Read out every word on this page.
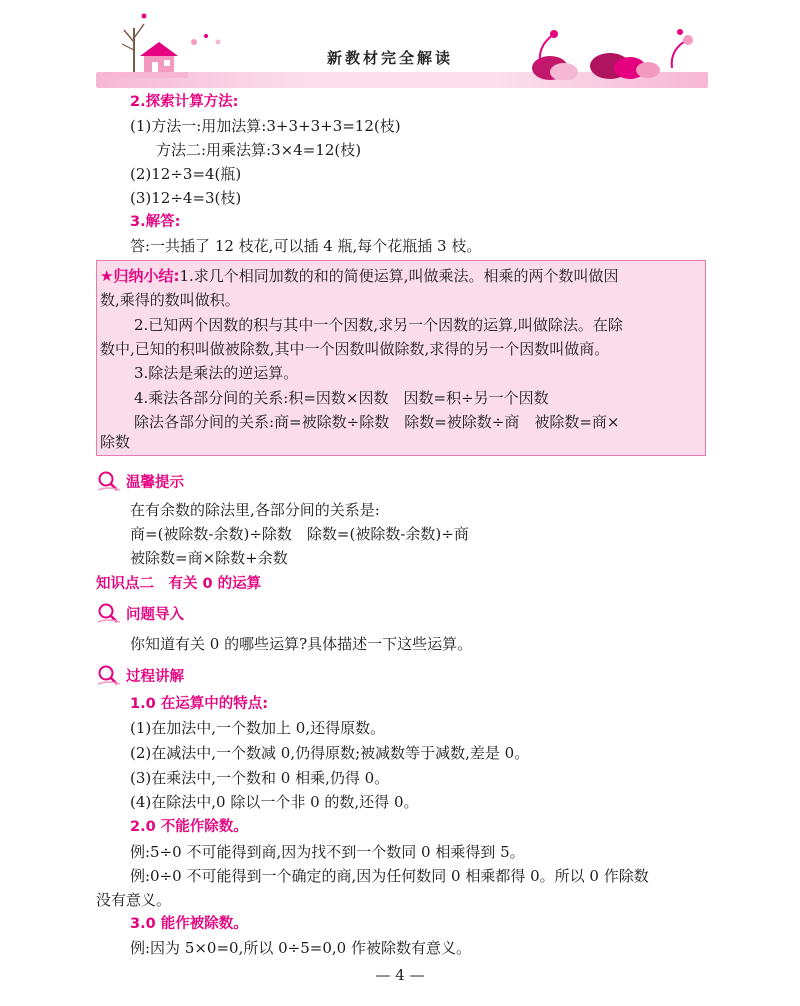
新教材完全解读
2.探索计算方法:
(1)方法一:用加法算:3+3+3+3=12(枝)
方法二:用乘法算:3×4=12(枝)
(2)12÷3=4(瓶)
(3)12÷4=3(枝)
3.解答:
答:一共插了 12 枝花,可以插 4 瓶,每个花瓶插 3 枝。
★归纳小结:1.求几个相同加数的和的简便运算,叫做乘法。相乘的两个数叫做因
数,乘得的数叫做积。
2.已知两个因数的积与其中一个因数,求另一个因数的运算,叫做除法。在除
数中,已知的积叫做被除数,其中一个因数叫做除数,求得的另一个因数叫做商。
3.除法是乘法的逆运算。
4.乘法各部分间的关系:积=因数×因数　因数=积÷另一个因数
除法各部分间的关系:商=被除数÷除数　除数=被除数÷商　被除数=商×
除数
温馨提示
在有余数的除法里,各部分间的关系是:
商=(被除数-余数)÷除数　除数=(被除数-余数)÷商
被除数=商×除数+余数
知识点二　有关 0 的运算
问题导入
你知道有关 0 的哪些运算?具体描述一下这些运算。
过程讲解
1.0 在运算中的特点:
(1)在加法中,一个数加上 0,还得原数。
(2)在减法中,一个数减 0,仍得原数;被减数等于减数,差是 0。
(3)在乘法中,一个数和 0 相乘,仍得 0。
(4)在除法中,0 除以一个非 0 的数,还得 0。
2.0 不能作除数。
例:5÷0 不可能得到商,因为找不到一个数同 0 相乘得到 5。
例:0÷0 不可能得到一个确定的商,因为任何数同 0 相乘都得 0。所以 0 作除数
没有意义。
3.0 能作被除数。
例:因为 5×0=0,所以 0÷5=0,0 作被除数有意义。
— 4 —
